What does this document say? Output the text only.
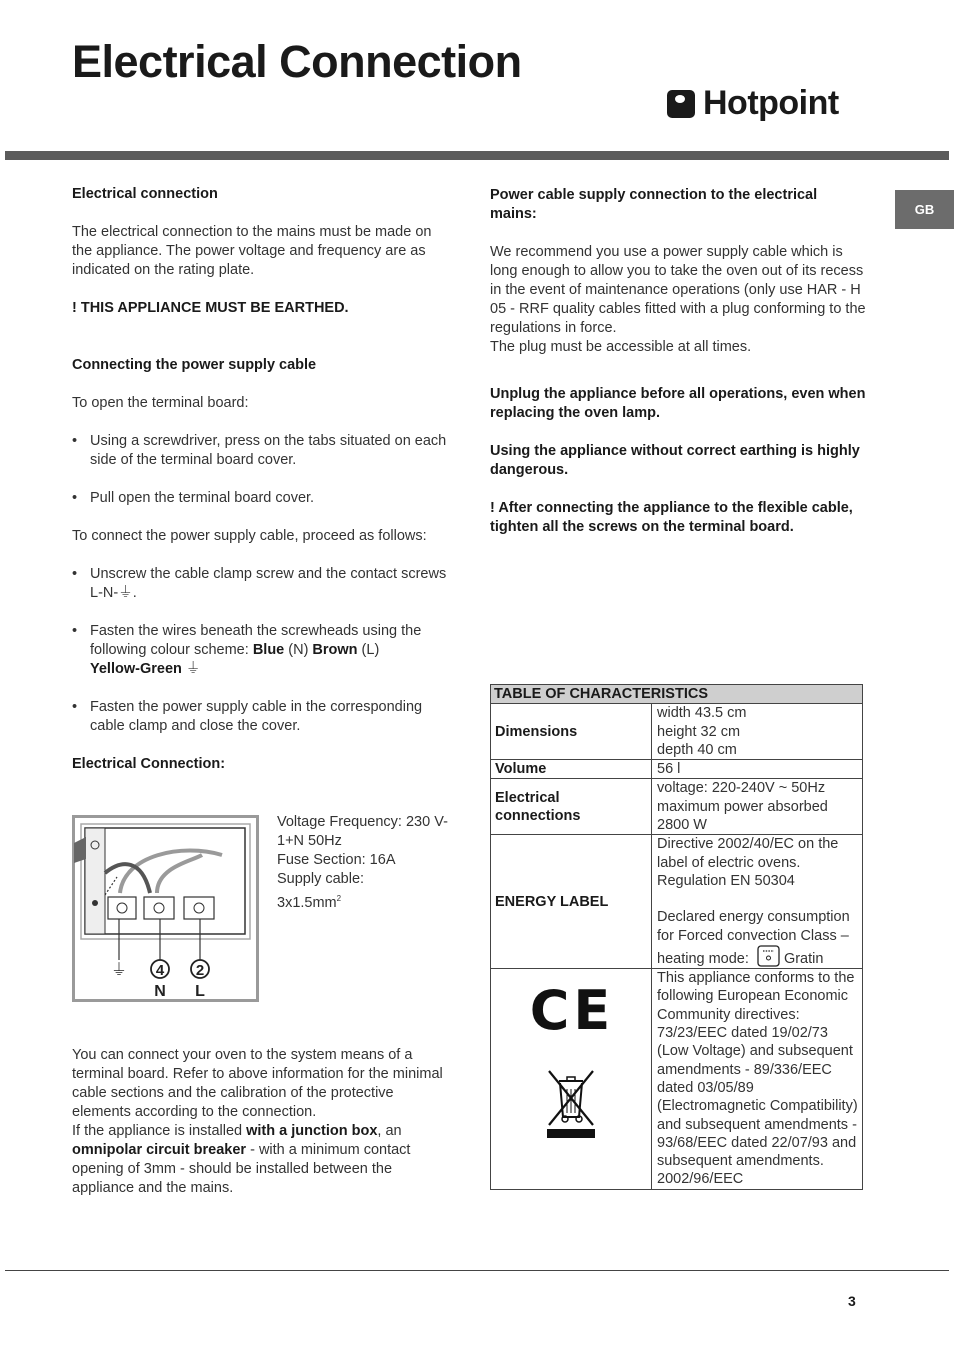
Electrical Connection
Hotpoint
GB

Electrical connection

The electrical connection to the mains must be made on the appliance. The power voltage and frequency are as indicated on the rating plate.

! THIS APPLIANCE MUST BE EARTHED.

Connecting the power supply cable

To open the terminal board:

• Using a screwdriver, press on the tabs situated on each side of the terminal board cover.
• Pull open the terminal board cover.

To connect the power supply cable, proceed as follows:

• Unscrew the cable clamp screw and the contact screws L-N-⏚.
• Fasten the wires beneath the screwheads using the following colour scheme: Blue (N) Brown (L)
Yellow-Green ⏚
• Fasten the power supply cable in the corresponding cable clamp and close the cover.

Electrical Connection:

⏚ 4 2
N L
Voltage Frequency: 230 V-1+N 50Hz
Fuse Section: 16A
Supply cable:
$3x1.5mm^2$

You can connect your oven to the system means of a terminal board. Refer to above information for the minimal cable sections and the calibration of the protective elements according to the connection.

If the appliance is installed with a junction box, an omnipolar circuit breaker - with a minimum contact opening of 3mm - should be installed between the appliance and the mains.

Power cable supply connection to the electrical mains:

We recommend you use a power supply cable which is long enough to allow you to take the oven out of its recess in the event of maintenance operations (only use HAR - H 05 - RRF quality cables fitted with a plug conforming to the regulations in force.

The plug must be accessible at all times.

Unplug the appliance before all operations, even when replacing the oven lamp.

Using the appliance without correct earthing is highly dangerous.

! After connecting the appliance to the flexible cable, tighten all the screws on the terminal board.

TABLE OF CHARACTERISTICS	
Dimensions	width 43.5 cm
height 32 cm
depth 40 cm

Volume	56 l
Electrical connections	voltage: 220-240V ~ 50Hz
maximum power absorbed 2800 W

ENERGY LABEL	Directive 2002/40/EC on the label of electric ovens. Regulation EN 50304
Declared energy consumption for Forced convection Class – heating mode: Gratin

CE	This appliance conforms to the following European Economic Community directives: 73/23/EEC dated 19/02/73 (Low Voltage) and subsequent amendments - 89/336/EEC dated 03/05/89 (Electromagnetic Compatibility) and subsequent amendments - 93/68/EEC dated 22/07/93 and subsequent amendments.
2002/96/EEC
3
